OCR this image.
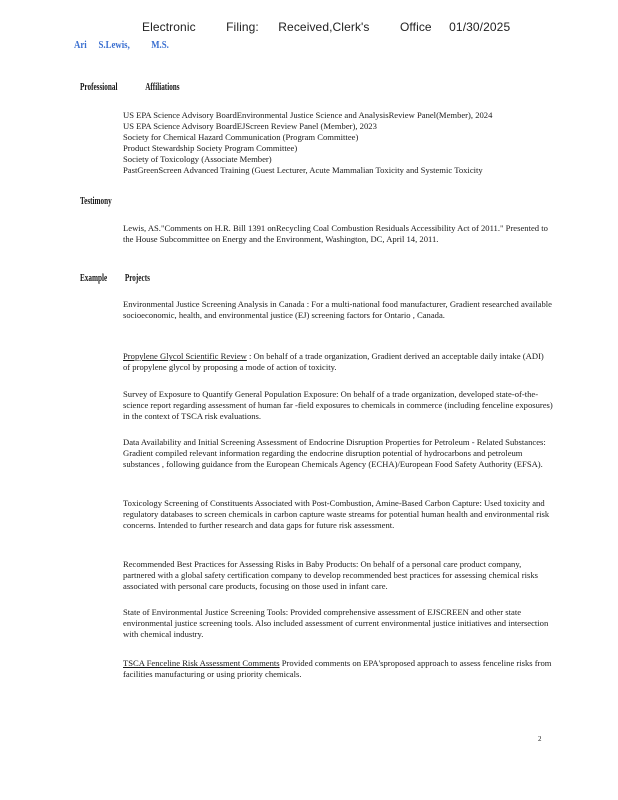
Electronic	Filing: Received,Clerk's	Office 01/30/2025
Ari S.Lewis, M.S.
Professional	Affiliations
US EPA Science Advisory BoardEnvironmental Justice Science and AnalysisReview Panel(Member), 2024
US EPA Science Advisory BoardEJScreen Review Panel (Member), 2023
Society for Chemical Hazard Communication (Program Committee)
Product Stewardship Society Program Committee)
Society of Toxicology (Associate Member)
PastGreenScreen Advanced Training (Guest Lecturer, Acute Mammalian Toxicity and Systemic Toxicity
Testimony
Lewis, AS."Comments on H.R. Bill 1391 onRecycling Coal Combustion Residuals Accessibility Act of 2011." Presented to the House Subcommittee on Energy and the Environment, Washington, DC, April 14, 2011.
Example Projects

Environmental Justice Screening Analysis in Canada : For a multi-national food manufacturer, Gradient researched available socioeconomic, health, and environmental justice (EJ) screening factors for Ontario , Canada.

Propylene Glycol Scientific Review : On behalf of a trade organization, Gradient derived an acceptable daily intake (ADI) of propylene glycol by proposing a mode of action of toxicity.

Survey of Exposure to Quantify General Population Exposure: On behalf of a trade organization, developed state-of-the-science report regarding assessment of human far -field exposures to chemicals in commerce (including fenceline exposures) in the context of TSCA risk evaluations.

Data Availability and Initial Screening Assessment of Endocrine Disruption Properties for Petroleum - Related Substances: Gradient compiled relevant information regarding the endocrine disruption potential of hydrocarbons and petroleum substances , following guidance from the European Chemicals Agency (ECHA)/European Food Safety Authority (EFSA).

Toxicology Screening of Constituents Associated with Post-Combustion, Amine-Based Carbon Capture: Used toxicity and regulatory databases to screen chemicals in carbon capture waste streams for potential human health and environmental risk concerns. Intended to further research and data gaps for future risk assessment.

Recommended Best Practices for Assessing Risks in Baby Products: On behalf of a personal care product company, partnered with a global safety certification company to develop recommended best practices for assessing chemical risks associated with personal care products, focusing on those used in infant care.

State of Environmental Justice Screening Tools: Provided comprehensive assessment of EJSCREEN and other state environmental justice screening tools. Also included assessment of current environmental justice initiatives and intersection with chemical industry.

TSCA Fenceline Risk Assessment Comments Provided comments on EPA'sproposed approach to assess fenceline risks from facilities manufacturing or using priority chemicals.

2
